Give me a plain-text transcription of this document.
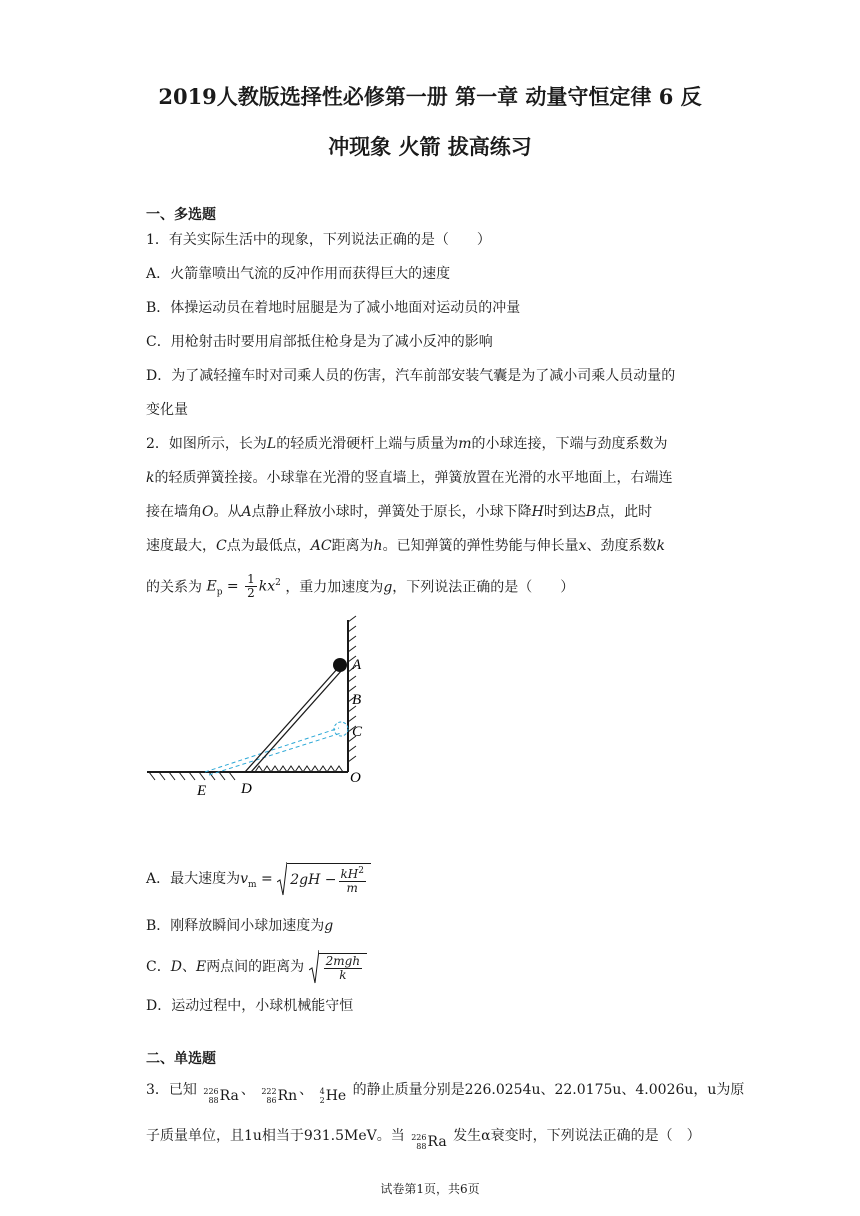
2019人教版选择性必修第一册 第一章 动量守恒定律 6 反
冲现象 火箭 拔高练习
一、多选题
1．有关实际生活中的现象，下列说法正确的是（　　）
A．火箭靠喷出气流的反冲作用而获得巨大的速度
B．体操运动员在着地时屈腿是为了减小地面对运动员的冲量
C．用枪射击时要用肩部抵住枪身是为了减小反冲的影响
D．为了减轻撞车时对司乘人员的伤害，汽车前部安装气囊是为了减小司乘人员动量的
变化量
2．如图所示，长为L的轻质光滑硬杆上端与质量为m的小球连接，下端与劲度系数为
k的轻质弹簧拴接。小球靠在光滑的竖直墙上，弹簧放置在光滑的水平地面上，右端连
接在墙角O。从A点静止释放小球时，弹簧处于原长，小球下降H时到达B点，此时
速度最大，C点为最低点，AC距离为h。已知弹簧的弹性势能与伸长量x、劲度系数k
的关系为 $E_p = \frac{1}{2} kx^2$ ，重力加速度为g，下列说法正确的是（　　）
A
B
C
O
E D
A．最大速度为$v_m = 2gH - \frac{kH^2}{m}$
B．刚释放瞬间小球加速度为g
C．D、E两点间的距离为 $\frac{\text{2mgh}}{k}$
D．运动过程中，小球机械能守恒
二、单选题
3．已知 226
88 Ra 、 222
86 Rn 、 4
2 He 的静止质量分别是226.0254u、22.0175u、4.0026u，u为原
子质量单位，且1u相当于931.5MeV。当 226
88 Ra 发生α衰变时，下列说法正确的是（　）
试卷第1页，共6页
